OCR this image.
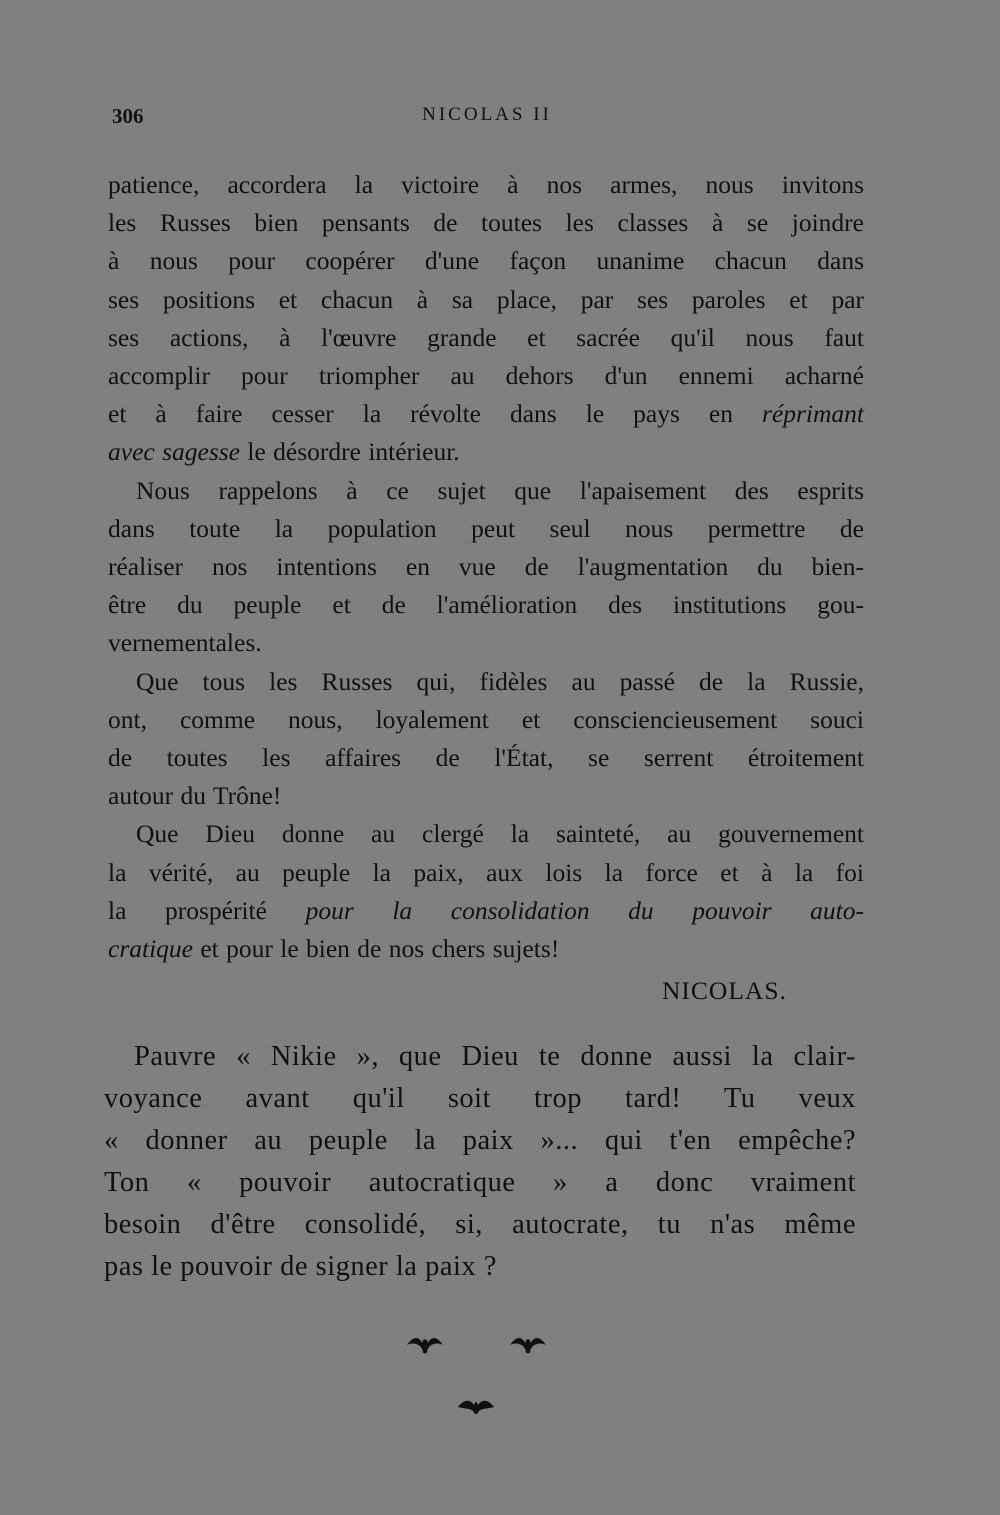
306	NICOLAS II
patience, accordera la victoire à nos armes, nous invitons
les Russes bien pensants de toutes les classes à se joindre
à nous pour coopérer d'une façon unanime chacun dans
ses positions et chacun à sa place, par ses paroles et par
ses actions, à l'œuvre grande et sacrée qu'il nous faut
accomplir pour triompher au dehors d'un ennemi acharné
et à faire cesser la révolte dans le pays en réprimant
avec sagesse le désordre intérieur.
Nous rappelons à ce sujet que l'apaisement des esprits
dans toute la population peut seul nous permettre de
réaliser nos intentions en vue de l'augmentation du bien-
être du peuple et de l'amélioration des institutions gou-
vernementales.
Que tous les Russes qui, fidèles au passé de la Russie,
ont, comme nous, loyalement et consciencieusement souci
de toutes les affaires de l'État, se serrent étroitement
autour du Trône!
Que Dieu donne au clergé la sainteté, au gouvernement
la vérité, au peuple la paix, aux lois la force et à la foi
la prospérité pour la consolidation du pouvoir auto-
cratique et pour le bien de nos chers sujets!
NICOLAS.
Pauvre « Nikie », que Dieu te donne aussi la clair-
voyance avant qu'il soit trop tard! Tu veux
« donner au peuple la paix »... qui t'en empêche?
Ton « pouvoir autocratique » a donc vraiment
besoin d'être consolidé, si, autocrate, tu n'as même
pas le pouvoir de signer la paix ?
